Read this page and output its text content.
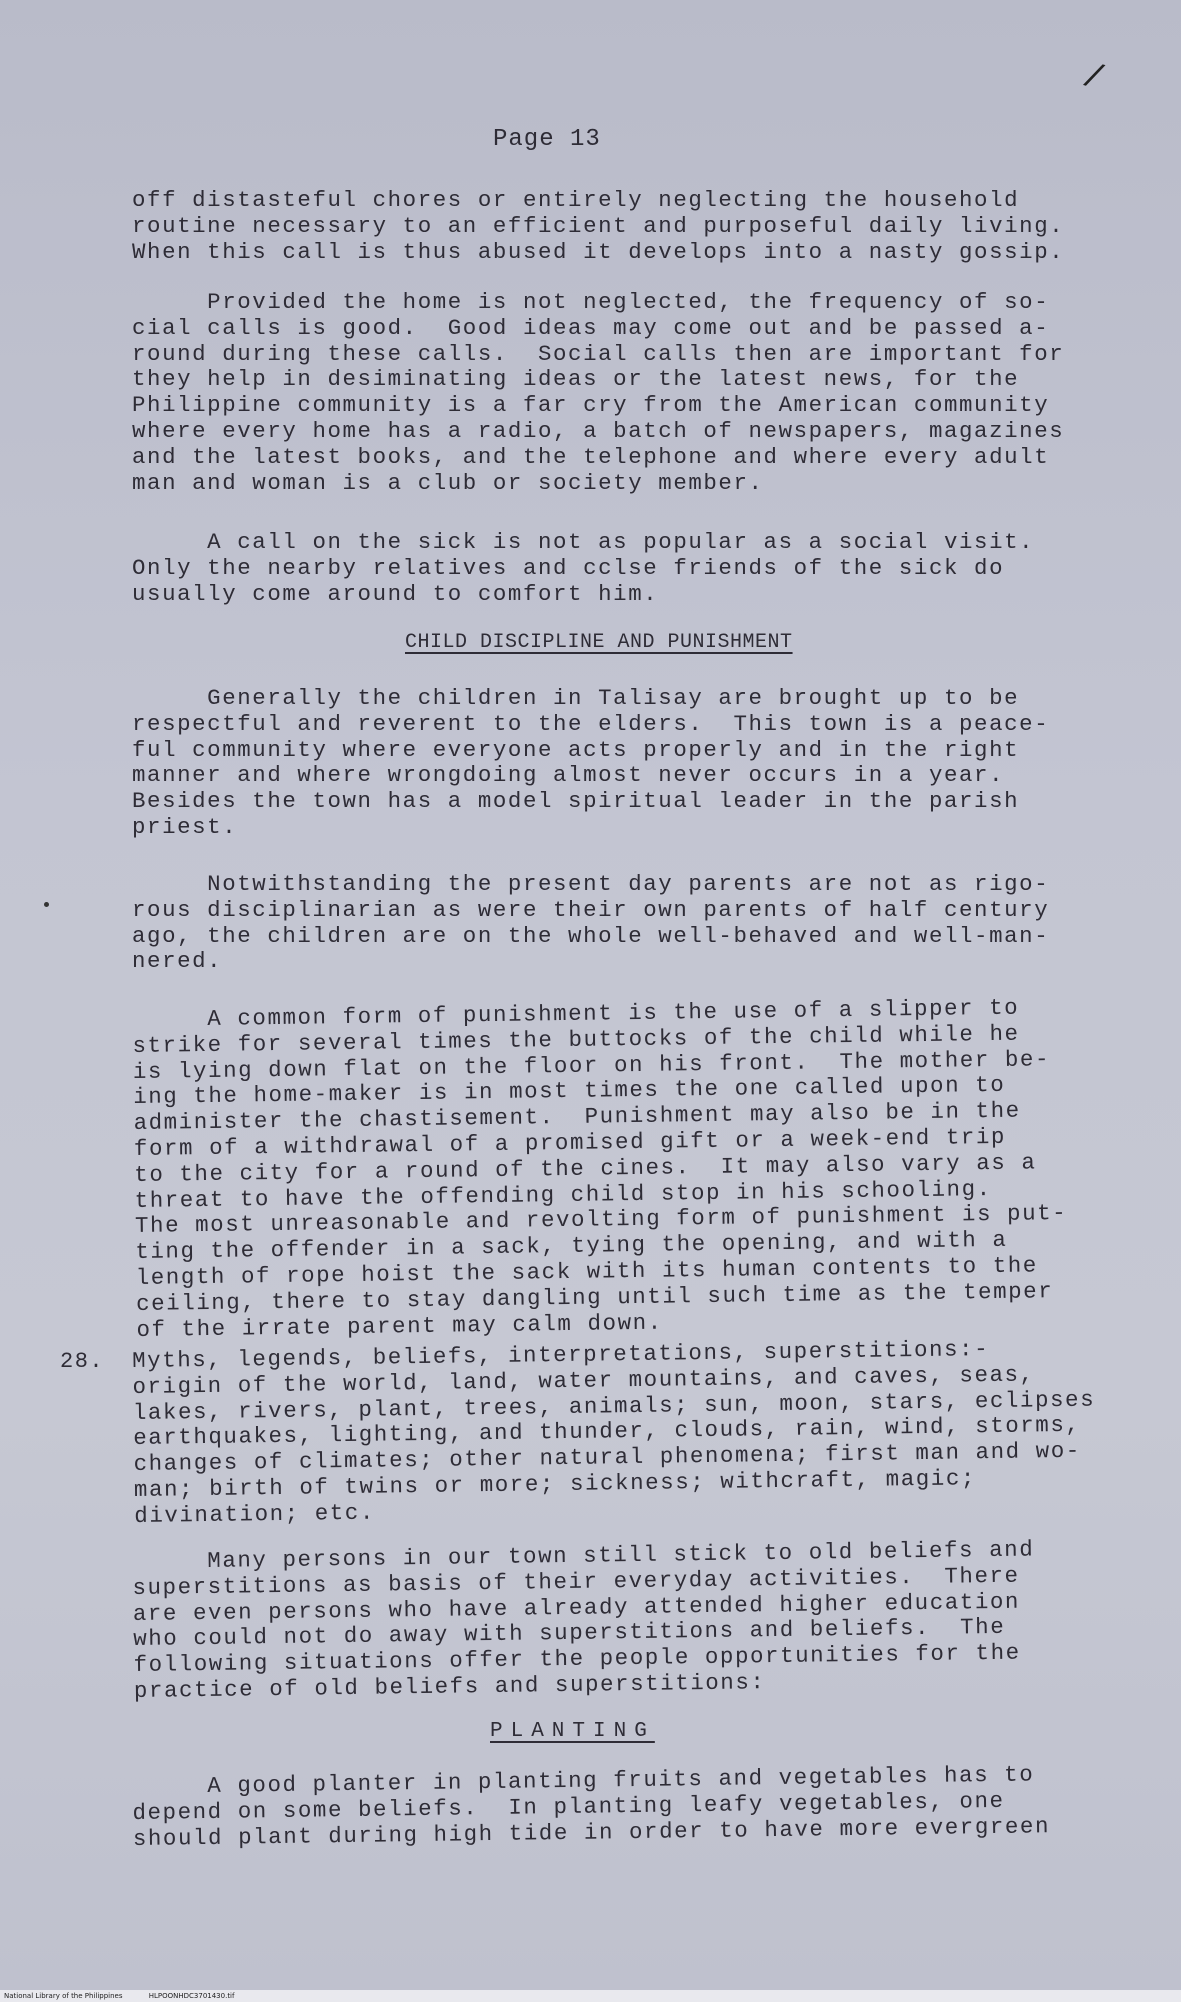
/
Page 13
off distasteful chores or entirely neglecting the household
routine necessary to an efficient and purposeful daily living.
When this call is thus abused it develops into a nasty gossip.
Provided the home is not neglected, the frequency of so-
cial calls is good.  Good ideas may come out and be passed a-
round during these calls.  Social calls then are important for
they help in desiminating ideas or the latest news, for the
Philippine community is a far cry from the American community
where every home has a radio, a batch of newspapers, magazines
and the latest books, and the telephone and where every adult
man and woman is a club or society member.
A call on the sick is not as popular as a social visit.
Only the nearby relatives and cclse friends of the sick do
usually come around to comfort him.
CHILD DISCIPLINE AND PUNISHMENT
Generally the children in Talisay are brought up to be
respectful and reverent to the elders.  This town is a peace-
ful community where everyone acts properly and in the right
manner and where wrongdoing almost never occurs in a year.
Besides the town has a model spiritual leader in the parish
priest.
Notwithstanding the present day parents are not as rigo-
rous disciplinarian as were their own parents of half century
ago, the children are on the whole well-behaved and well-man-
nered.
A common form of punishment is the use of a slipper to
strike for several times the buttocks of the child while he
is lying down flat on the floor on his front.  The mother be-
ing the home-maker is in most times the one called upon to
administer the chastisement.  Punishment may also be in the
form of a withdrawal of a promised gift or a week-end trip
to the city for a round of the cines.  It may also vary as a
threat to have the offending child stop in his schooling.
The most unreasonable and revolting form of punishment is put-
ting the offender in a sack, tying the opening, and with a
length of rope hoist the sack with its human contents to the
ceiling, there to stay dangling until such time as the temper
of the irrate parent may calm down.
28. Myths, legends, beliefs, interpretations, superstitions:-
origin of the world, land, water mountains, and caves, seas,
lakes, rivers, plant, trees, animals; sun, moon, stars, eclipses
earthquakes, lighting, and thunder, clouds, rain, wind, storms,
changes of climates; other natural phenomena; first man and wo-
man; birth of twins or more; sickness; withcraft, magic;
divination; etc.
Many persons in our town still stick to old beliefs and
superstitions as basis of their everyday activities.  There
are even persons who have already attended higher education
who could not do away with superstitions and beliefs.  The
following situations offer the people opportunities for the
practice of old beliefs and superstitions:
PLANTING
A good planter in planting fruits and vegetables has to
depend on some beliefs.  In planting leafy vegetables, one
should plant during high tide in order to have more evergreen
National Library of the Philippines	HLPOONHDC3701430.tif
